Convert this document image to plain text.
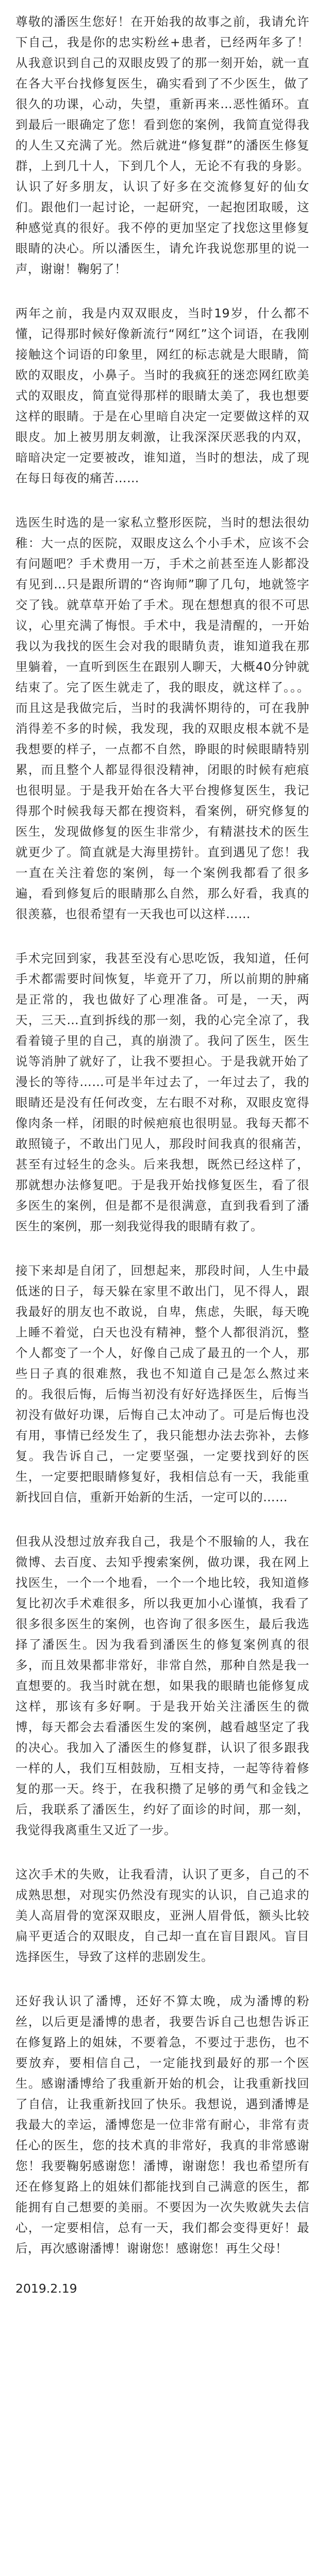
尊敬的潘医生您好！在开始我的故事之前，我请允许下自己，我是你的忠实粉丝+患者，已经两年多了！从我意识到自己的双眼皮毁了的那一刻开始，就一直在各大平台找修复医生，确实看到了不少医生，做了很久的功课，心动，失望，重新再来…恶性循环。直到最后一眼确定了您！看到您的案例，我简直觉得我的人生又充满了光。然后就进“修复群”的潘医生修复群，上到几十人，下到几个人，无论不有我的身影。认识了好多朋友，认识了好多在交流修复好的仙女们。跟他们一起讨论，一起研究，一起抱团取暖，这种感觉真的很好。我不停的更加坚定了找您这里修复眼睛的决心。所以潘医生，请允许我说您那里的说一声，谢谢！鞠躬了！

两年之前，我是内双双眼皮，当时19岁，什么都不懂，记得那时候好像新流行“网红”这个词语，在我刚接触这个词语的印象里，网红的标志就是大眼睛，简欧的双眼皮，小鼻子。当时的我疯狂的迷恋网红欧美式的双眼皮，简直觉得那样的眼睛太美了，我也想要这样的眼睛。于是在心里暗自决定一定要做这样的双眼皮。加上被男朋友刺激，让我深深厌恶我的内双，暗暗决定一定要被改，谁知道，当时的想法，成了现在每日每夜的痛苦……

选医生时选的是一家私立整形医院，当时的想法很幼稚：大一点的医院，双眼皮这么个小手术，应该不会有问题吧？手术费用一万，手术之前甚至连人影都没有见到…只是跟所谓的“咨询师”聊了几句，地就签字交了钱。就草草开始了手术。现在想想真的很不可思议，心里充满了悔恨。手术中，我是清醒的，一开始我以为我找的医生会对我的眼睛负责，谁知道我在那里躺着，一直听到医生在跟别人聊天，大概40分钟就结束了。完了医生就走了，我的眼皮，就这样了。。。而且这是我做完后，当时的我满怀期待的，可在我肿消得差不多的时候，我发现，我的双眼皮根本就不是我想要的样子，一点都不自然，睁眼的时候眼睛特别累，而且整个人都显得很没精神，闭眼的时候有疤痕也很明显。于是我开始在各大平台搜修复医生，我记得那个时候我每天都在搜资料，看案例，研究修复的医生，发现做修复的医生非常少，有精湛技术的医生就更少了。简直就是大海里捞针。直到遇见了您！我一直在关注着您的案例，每一个案例我都看了很多遍，看到修复后的眼睛那么自然，那么好看，我真的很羡慕，也很希望有一天我也可以这样……

手术完回到家，我甚至没有心思吃饭，我知道，任何手术都需要时间恢复，毕竟开了刀，所以前期的肿痛是正常的，我也做好了心理准备。可是，一天，两天，三天…直到拆线的那一刻，我的心完全凉了，我看着镜子里的自己，真的崩溃了。我问了医生，医生说等消肿了就好了，让我不要担心。于是我就开始了漫长的等待……可是半年过去了，一年过去了，我的眼睛还是没有任何改变，左右眼不对称，双眼皮宽得像肉条一样，闭眼的时候疤痕也很明显。我每天都不敢照镜子，不敢出门见人，那段时间我真的很痛苦，甚至有过轻生的念头。后来我想，既然已经这样了，那就想办法修复吧。于是我开始找修复医生，看了很多医生的案例，但是都不是很满意，直到我看到了潘医生的案例，那一刻我觉得我的眼睛有救了。

接下来却是自闭了，回想起来，那段时间，人生中最低迷的日子，每天躲在家里不敢出门，见不得人，跟我最好的朋友也不敢说，自卑，焦虑，失眠，每天晚上睡不着觉，白天也没有精神，整个人都很消沉，整个人都变了一个人，好像自己成了最丑的一个人，那些日子真的很难熬，我也不知道自己是怎么熬过来的。我很后悔，后悔当初没有好好选择医生，后悔当初没有做好功课，后悔自己太冲动了。可是后悔也没有用，事情已经发生了，我只能想办法去弥补，去修复。我告诉自己，一定要坚强，一定要找到好的医生，一定要把眼睛修复好，我相信总有一天，我能重新找回自信，重新开始新的生活，一定可以的……

但我从没想过放弃我自己，我是个不服输的人，我在微博、去百度、去知乎搜索案例，做功课，我在网上找医生，一个一个地看，一个一个地比较，我知道修复比初次手术难很多，所以我更加小心谨慎，我看了很多很多医生的案例，也咨询了很多医生，最后我选择了潘医生。因为我看到潘医生的修复案例真的很多，而且效果都非常好，非常自然，那种自然是我一直想要的。我当时就在想，如果我的眼睛也能修复成这样，那该有多好啊。于是我开始关注潘医生的微博，每天都会去看潘医生发的案例，越看越坚定了我的决心。我加入了潘医生的修复群，认识了很多跟我一样的人，我们互相鼓励，互相支持，一起等待着修复的那一天。终于，在我积攒了足够的勇气和金钱之后，我联系了潘医生，约好了面诊的时间，那一刻，我觉得我离重生又近了一步。

这次手术的失败，让我看清，认识了更多，自己的不成熟思想，对现实仍然没有现实的认识，自己追求的美人高眉骨的宽深双眼皮，亚洲人眉骨低，额头比较扁平更适合的双眼皮，自己却一直在盲目跟风。盲目选择医生，导致了这样的悲剧发生。

还好我认识了潘博，还好不算太晚，成为潘博的粉丝，以后更是潘博的患者，我要告诉自己也想告诉正在修复路上的姐妹，不要着急，不要过于悲伤，也不要放弃，要相信自己，一定能找到最好的那一个医生。感谢潘博给了我重新开始的机会，让我重新找回了自信，让我重新找回了快乐。我想说，遇到潘博是我最大的幸运，潘博您是一位非常有耐心，非常有责任心的医生，您的技术真的非常好，我真的非常感谢您！我要鞠躬感谢您！潘博，谢谢您！我也希望所有还在修复路上的姐妹们都能找到自己满意的医生，都能拥有自己想要的美丽。不要因为一次失败就失去信心，一定要相信，总有一天，我们都会变得更好！最后，再次感谢潘博！谢谢您！感谢您！再生父母！

2019.2.19
